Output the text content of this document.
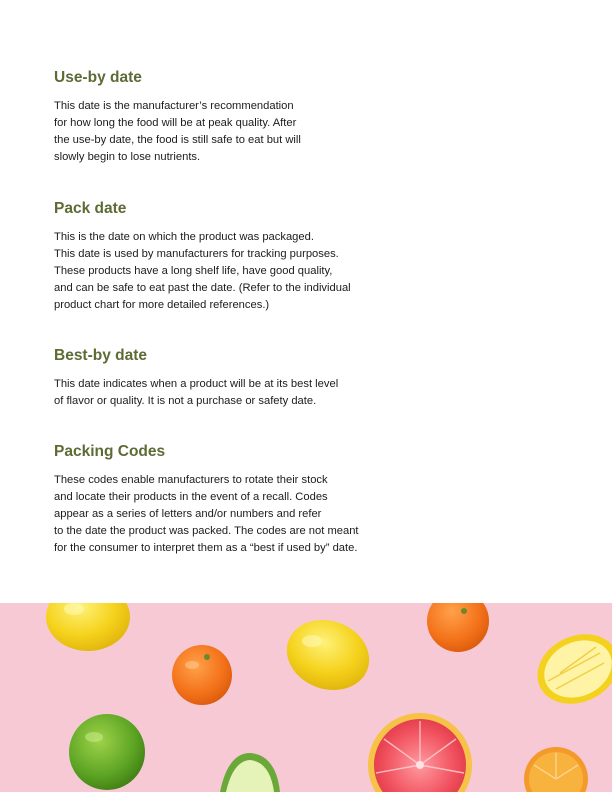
Use-by date

This date is the manufacturer’s recommendation
for how long the food will be at peak quality. After
the use-by date, the food is still safe to eat but will
slowly begin to lose nutrients.

Pack date

This is the date on which the product was packaged.
This date is used by manufacturers for tracking purposes.
These products have a long shelf life, have good quality,
and can be safe to eat past the date. (Refer to the individual
product chart for more detailed references.)

Best-by date

This date indicates when a product will be at its best level
of flavor or quality. It is not a purchase or safety date.

Packing Codes

These codes enable manufacturers to rotate their stock
and locate their products in the event of a recall. Codes
appear as a series of letters and/or numbers and refer
to the date the product was packed. The codes are not meant
for the consumer to interpret them as a “best if used by” date.
